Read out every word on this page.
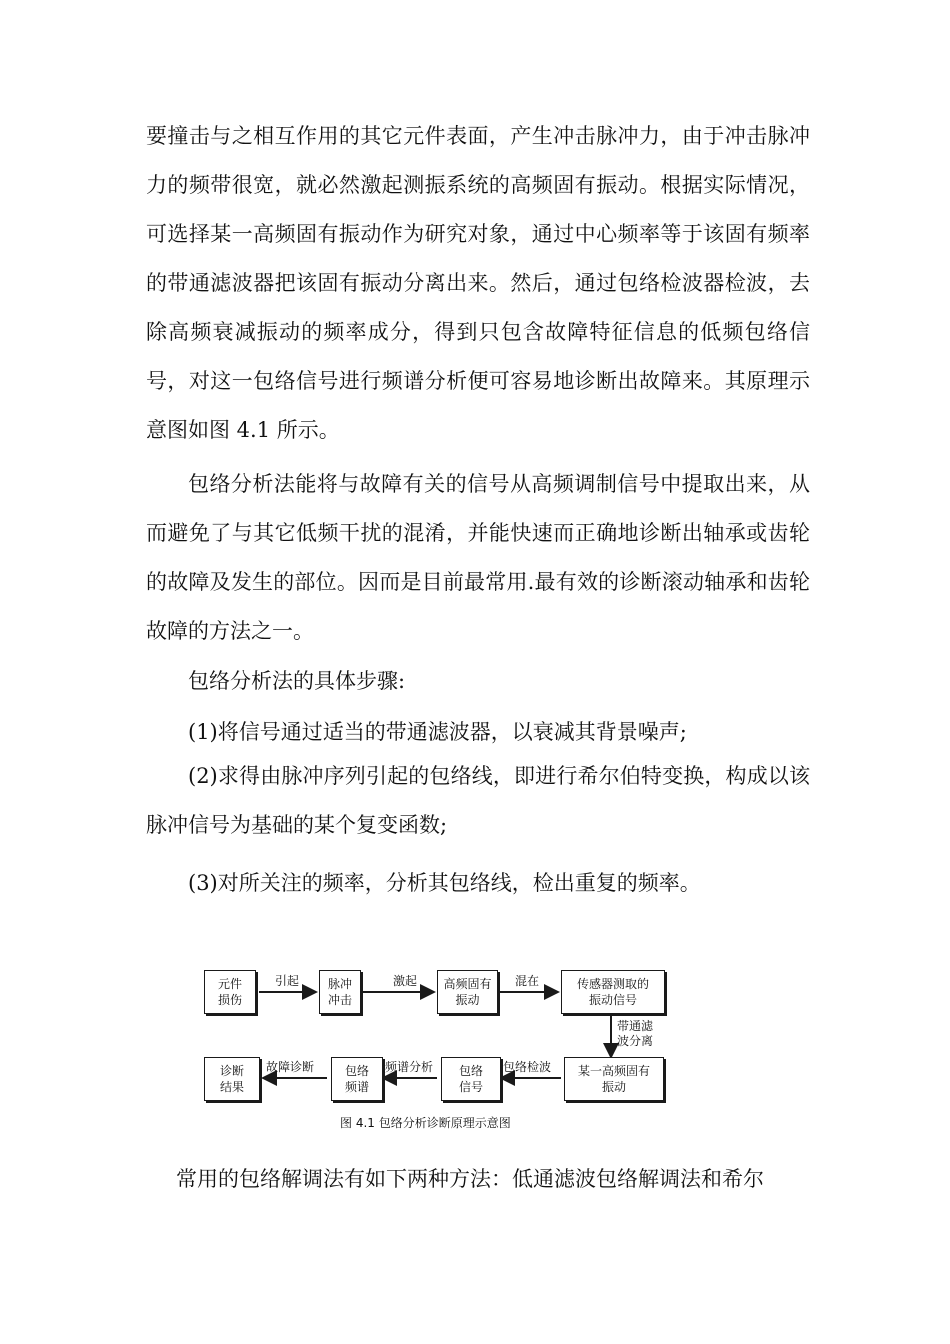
要撞击与之相互作用的其它元件表面，产生冲击脉冲力，由于冲击脉冲力的频带很宽，就必然激起测振系统的高频固有振动。根据实际情况，可选择某一高频固有振动作为研究对象，通过中心频率等于该固有频率的带通滤波器把该固有振动分离出来。然后，通过包络检波器检波，去除高频衰减振动的频率成分，得到只包含故障特征信息的低频包络信号，对这一包络信号进行频谱分析便可容易地诊断出故障来。其原理示意图如图 4.1 所示。

包络分析法能将与故障有关的信号从高频调制信号中提取出来，从而避免了与其它低频干扰的混淆，并能快速而正确地诊断出轴承或齿轮的故障及发生的部位。因而是目前最常用.最有效的诊断滚动轴承和齿轮故障的方法之一。

包络分析法的具体步骤:
(1)将信号通过适当的带通滤波器，以衰减其背景噪声;

(2)求得由脉冲序列引起的包络线，即进行希尔伯特变换，构成以该脉冲信号为基础的某个复变函数;

(3)对所关注的频率，分析其包络线，检出重复的频率。
元件
损伤
脉冲
冲击
高频固有
振动
传感器测取的
振动信号
诊断
结果
包络
频谱
包络
信号
某一高频固有
振动
引起	激起	混在
带通滤
波分离
包络检波
频谱分析
故障诊断
图 4.1 包络分析诊断原理示意图
常用的包络解调法有如下两种方法：低通滤波包络解调法和希尔
